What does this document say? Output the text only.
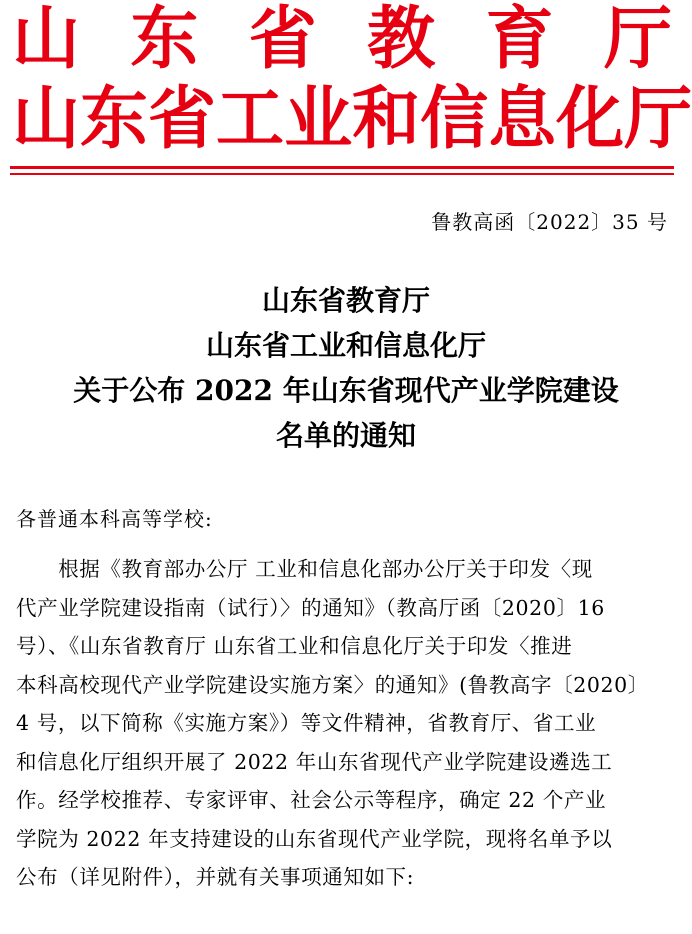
山 东 省 教 育 厅
山 东 省 工 业 和 信 息 化 厅
鲁教高函〔2022〕35 号
山东省教育厅
山东省工业和信息化厅
关于公布 2022 年山东省现代产业学院建设
名单的通知
各普通本科高等学校:
　　根据《教育部办公厅 工业和信息化部办公厅关于印发〈现
代产业学院建设指南（试行）〉的通知》（教高厅函〔2020〕16
号）、《山东省教育厅 山东省工业和信息化厅关于印发〈推进
本科高校现代产业学院建设实施方案〉的通知》(鲁教高字〔2020〕
4 号，以下简称《实施方案》）等文件精神，省教育厅、省工业
和信息化厅组织开展了 2022 年山东省现代产业学院建设遴选工
作。经学校推荐、专家评审、社会公示等程序，确定 22 个产业
学院为 2022 年支持建设的山东省现代产业学院，现将名单予以
公布（详见附件），并就有关事项通知如下:
